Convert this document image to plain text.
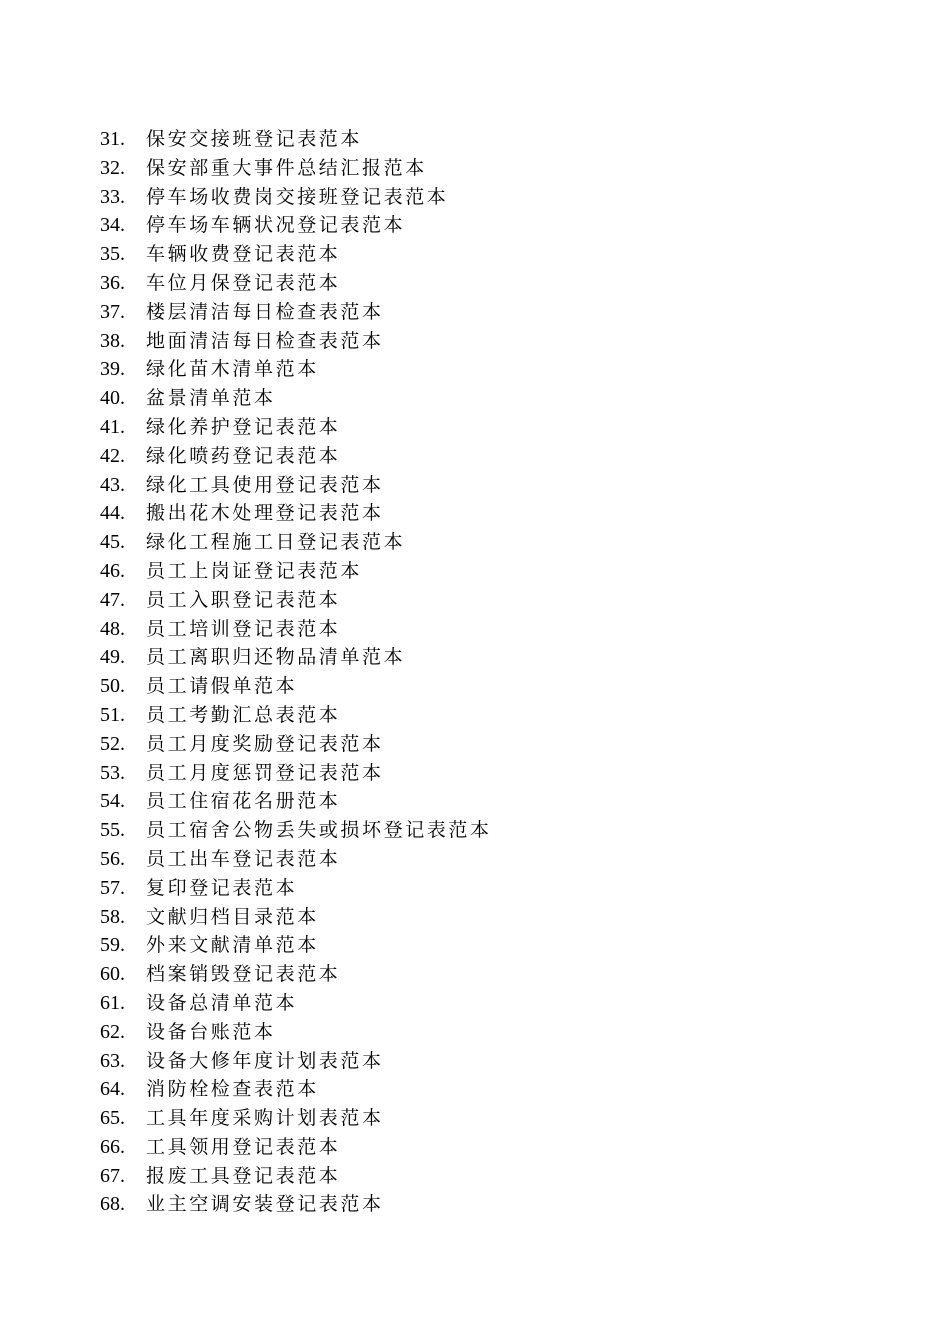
31.	保安交接班登记表范本
32.	保安部重大事件总结汇报范本
33.	停车场收费岗交接班登记表范本
34.	停车场车辆状况登记表范本
35.	车辆收费登记表范本
36.	车位月保登记表范本
37.	楼层清洁每日检查表范本
38.	地面清洁每日检查表范本
39.	绿化苗木清单范本
40.	盆景清单范本
41.	绿化养护登记表范本
42.	绿化喷药登记表范本
43.	绿化工具使用登记表范本
44.	搬出花木处理登记表范本
45.	绿化工程施工日登记表范本
46.	员工上岗证登记表范本
47.	员工入职登记表范本
48.	员工培训登记表范本
49.	员工离职归还物品清单范本
50.	员工请假单范本
51.	员工考勤汇总表范本
52.	员工月度奖励登记表范本
53.	员工月度惩罚登记表范本
54.	员工住宿花名册范本
55.	员工宿舍公物丢失或损坏登记表范本
56.	员工出车登记表范本
57.	复印登记表范本
58.	文献归档目录范本
59.	外来文献清单范本
60.	档案销毁登记表范本
61.	设备总清单范本
62.	设备台账范本
63.	设备大修年度计划表范本
64.	消防栓检查表范本
65.	工具年度采购计划表范本
66.	工具领用登记表范本
67.	报废工具登记表范本
68.	业主空调安装登记表范本
